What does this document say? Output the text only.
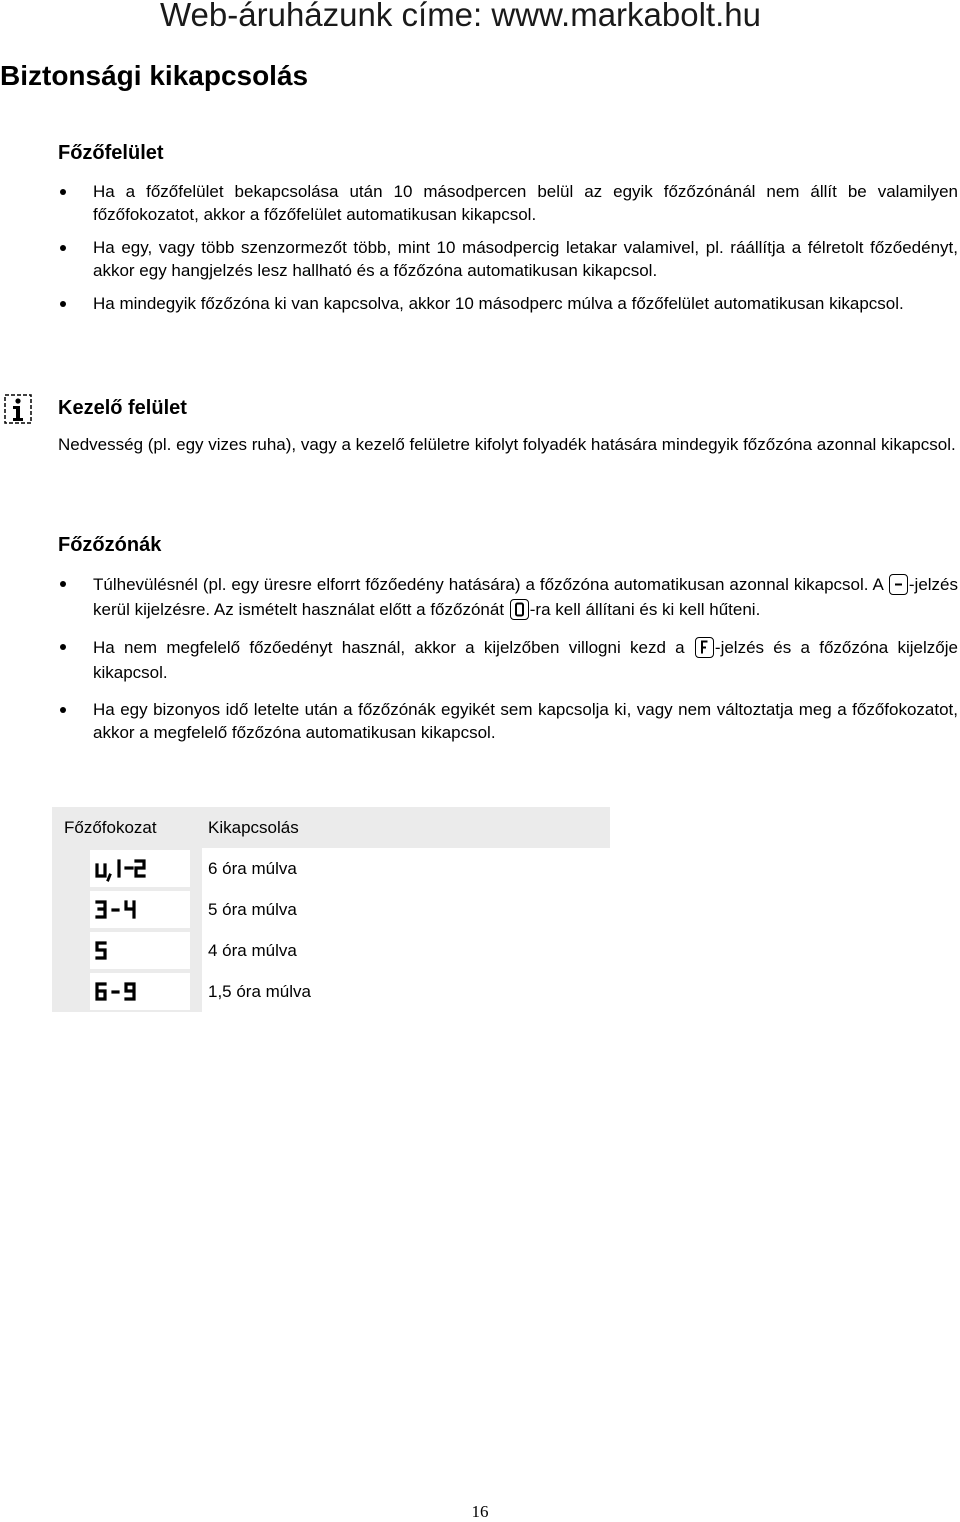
Web-áruházunk címe: www.markabolt.hu
Biztonsági kikapcsolás
Főzőfelület
Ha a főzőfelület bekapcsolása után 10 másodpercen belül az egyik főzőzónánál nem állít be valamilyen főzőfokozatot, akkor a főzőfelület automatikusan kikapcsol.
Ha egy, vagy több szenzormezőt több, mint 10 másodpercig letakar valamivel, pl. ráállítja a félretolt főzőedényt, akkor egy hangjelzés lesz hallható és a főzőzóna automatikusan kikapcsol.
Ha mindegyik főzőzóna ki van kapcsolva, akkor 10 másodperc múlva a főzőfelület automatikusan kikapcsol.
Kezelő felület
Nedvesség (pl. egy vizes ruha), vagy a kezelő felületre kifolyt folyadék hatására mindegyik főzőzóna azonnal kikapcsol.
Főzőzónák
Túlhevülésnél (pl. egy üresre elforrt főzőedény hatására) a főzőzóna automatikusan azonnal kikapcsol. A
-jelzés kerül kijelzésre. Az ismételt használat előtt a főzőzónát
-ra kell állítani és ki kell hűteni.
Ha nem megfelelő főzőedényt használ, akkor a kijelzőben villogni kezd a
-jelzés és a főzőzóna kijelzője kikapcsol.
Ha egy bizonyos idő letelte után a főzőzónák egyikét sem kapcsolja ki, vagy nem változtatja meg a főzőfokozatot, akkor a megfelelő főzőzóna automatikusan kikapcsol.
Főzőfokozat	Kikapcsolás

	6 óra múlva

	5 óra múlva

	4 óra múlva

	1,5 óra múlva
16
